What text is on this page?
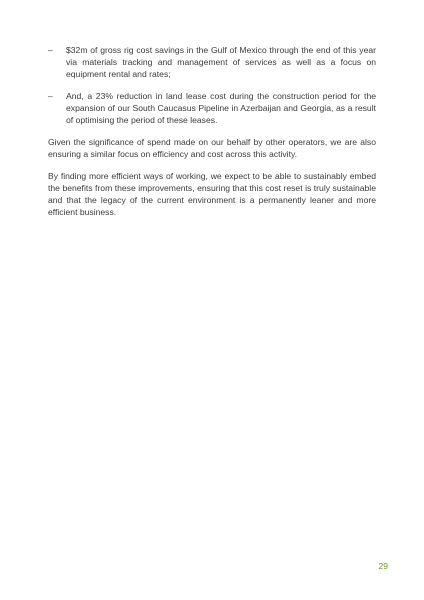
–	$32m of gross rig cost savings in the Gulf of Mexico through the end of this year via materials tracking and management of services as well as a focus on equipment rental and rates;
–	And, a 23% reduction in land lease cost during the construction period for the expansion of our South Caucasus Pipeline in Azerbaijan and Georgia, as a result of optimising the period of these leases.

Given the significance of spend made on our behalf by other operators, we are also ensuring a similar focus on efficiency and cost across this activity.

By finding more efficient ways of working, we expect to be able to sustainably embed the benefits from these improvements, ensuring that this cost reset is truly sustainable and that the legacy of the current environment is a permanently leaner and more efficient business.

29
